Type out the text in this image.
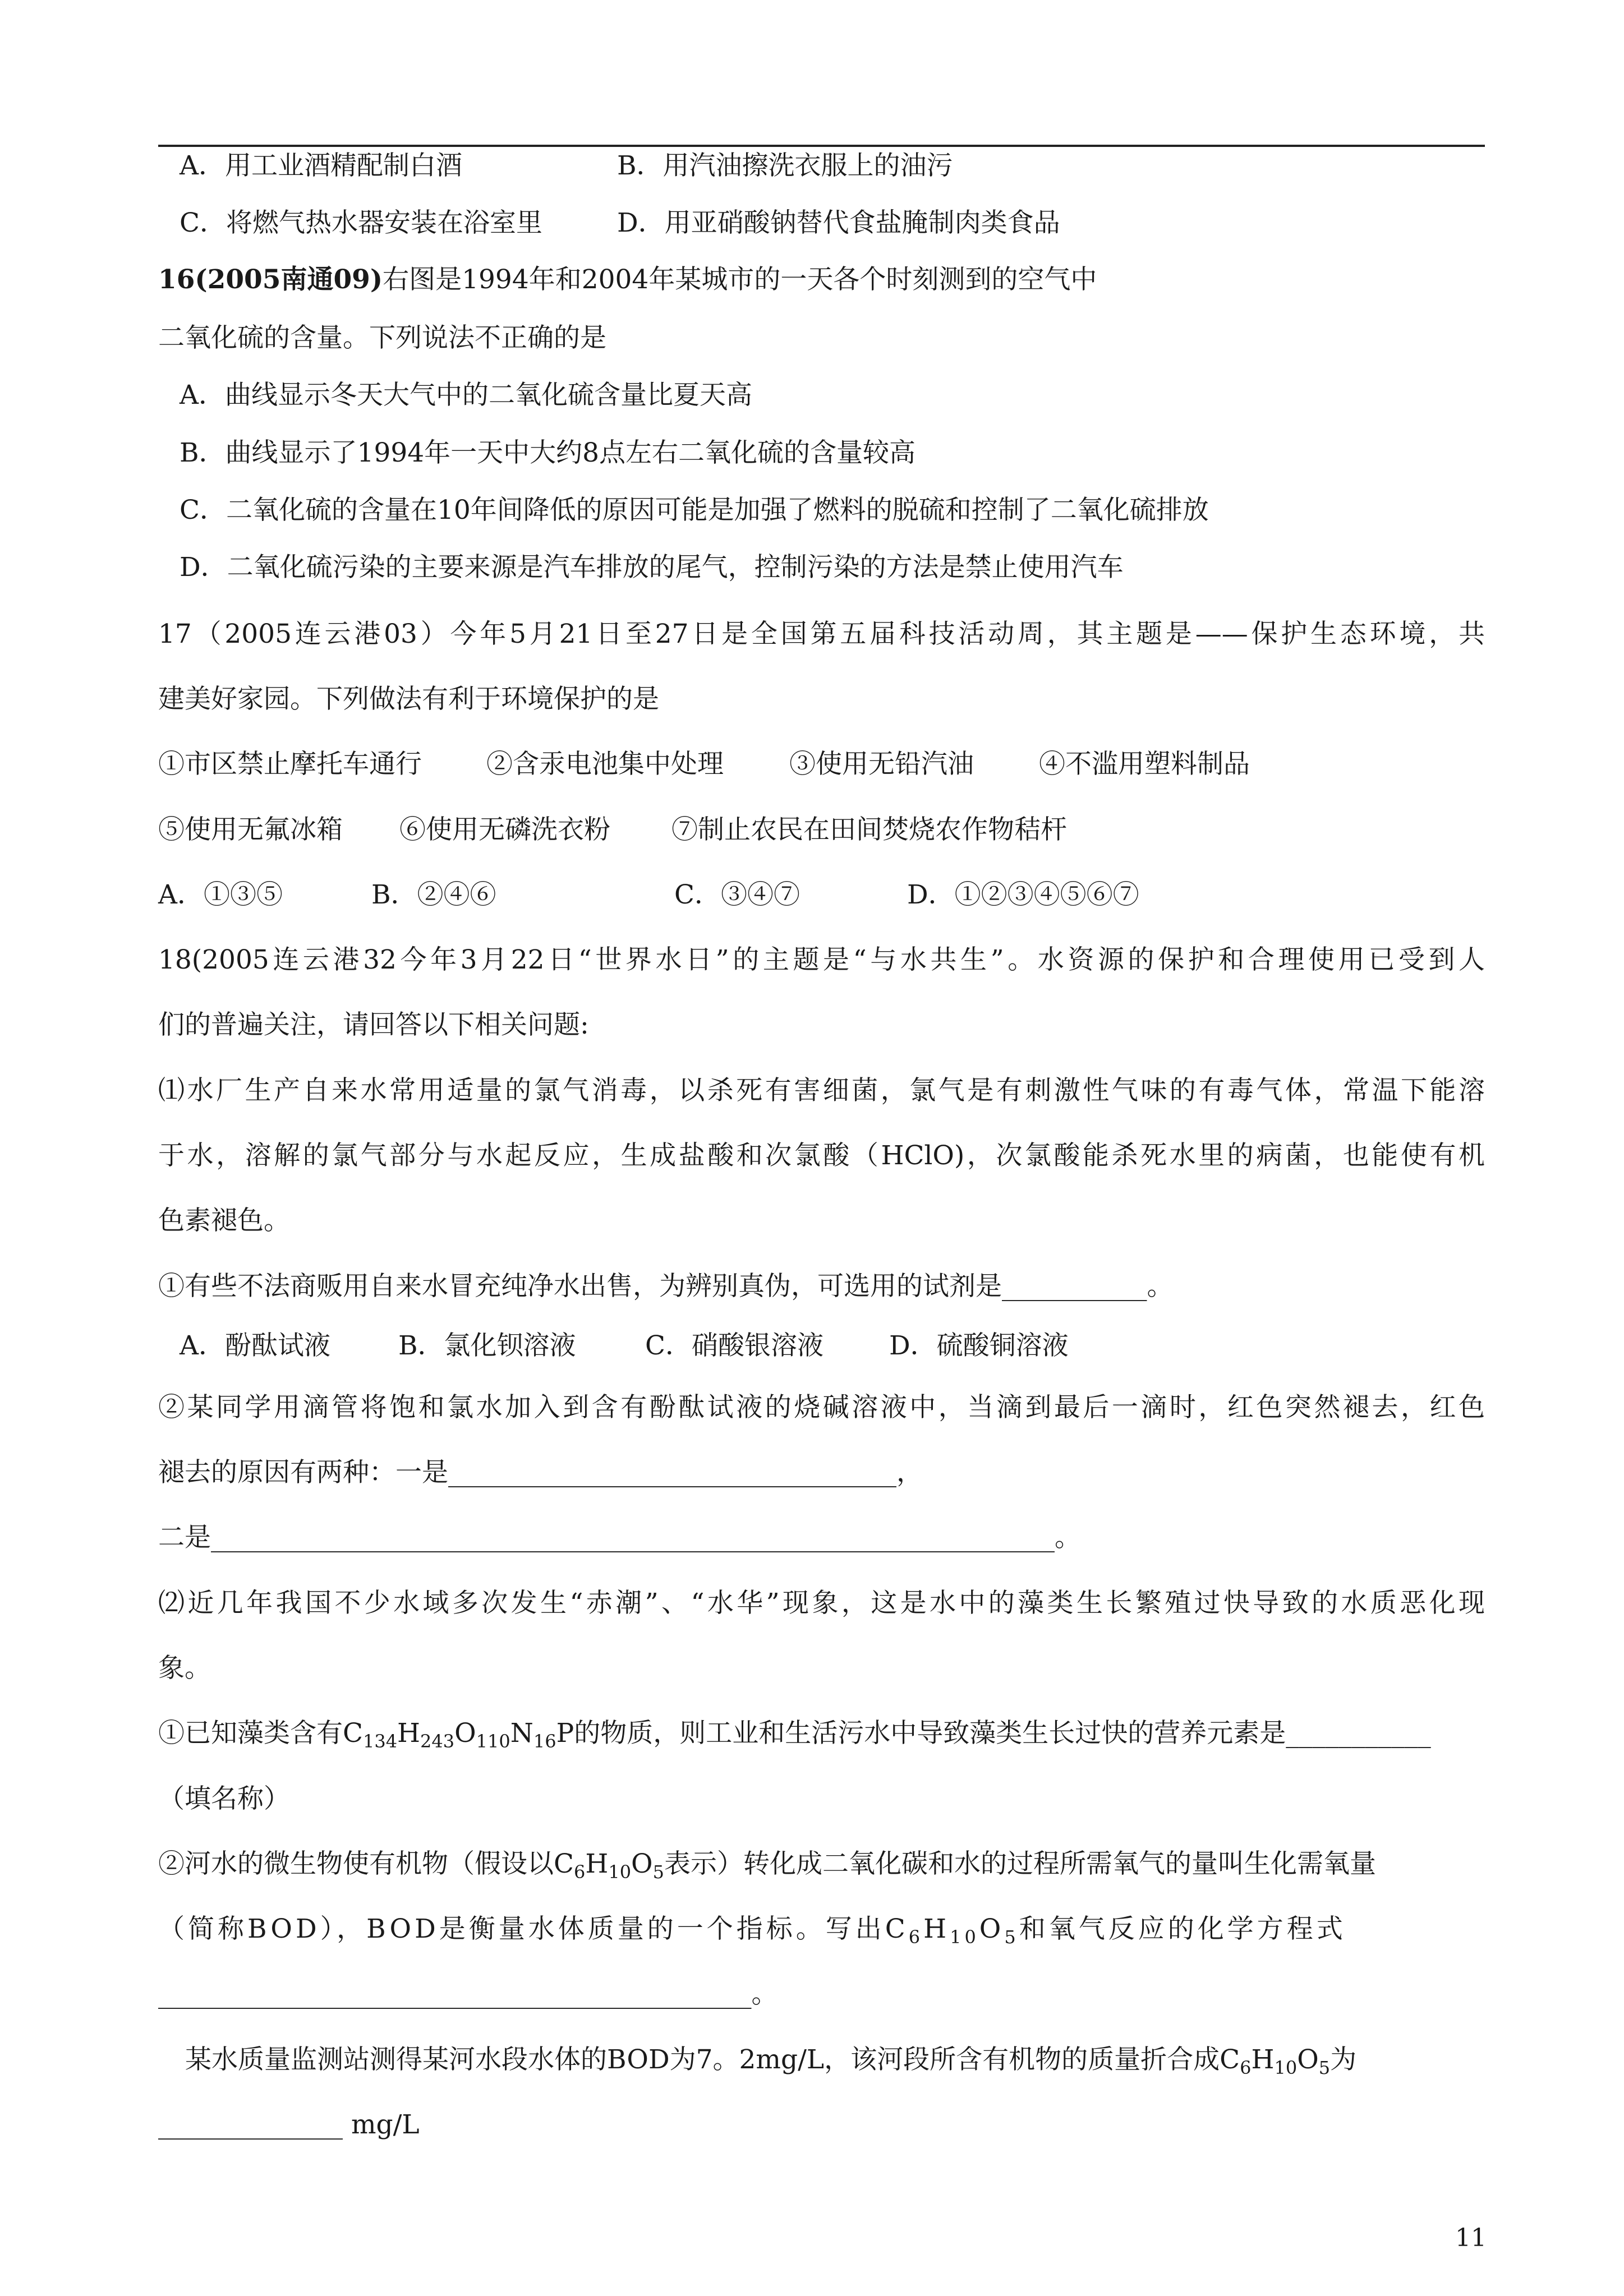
A．用工业酒精配制白酒	B．用汽油擦洗衣服上的油污
C．将燃气热水器安装在浴室里	D．用亚硝酸钠替代食盐腌制肉类食品
16(2005南通09)右图是1994年和2004年某城市的一天各个时刻测到的空气中
二氧化硫的含量。下列说法不正确的是
A．曲线显示冬天大气中的二氧化硫含量比夏天高
B．曲线显示了1994年一天中大约8点左右二氧化硫的含量较高
C．二氧化硫的含量在10年间降低的原因可能是加强了燃料的脱硫和控制了二氧化硫排放
D．二氧化硫污染的主要来源是汽车排放的尾气，控制污染的方法是禁止使用汽车
17（2005连云港03）今年5月21日至27日是全国第五届科技活动周，其主题是——保护生态环境，共
建美好家园。下列做法有利于环境保护的是
①市区禁止摩托车通行 ②含汞电池集中处理 ③使用无铅汽油 ④不滥用塑料制品
⑤使用无氟冰箱 ⑥使用无磷洗衣粉 ⑦制止农民在田间焚烧农作物秸杆
A．①③⑤	B．②④⑥	C．③④⑦	D．①②③④⑤⑥⑦
18(2005连云港32今年3月22日“世界水日”的主题是“与水共生”。水资源的保护和合理使用已受到人
们的普遍关注，请回答以下相关问题:
⑴水厂生产自来水常用适量的氯气消毒，以杀死有害细菌，氯气是有刺激性气味的有毒气体，常温下能溶
于水，溶解的氯气部分与水起反应，生成盐酸和次氯酸（HClO)，次氯酸能杀死水里的病菌，也能使有机
色素褪色。
①有些不法商贩用自来水冒充纯净水出售，为辨别真伪，可选用的试剂是___________。
A．酚酞试液	B．氯化钡溶液	C．硝酸银溶液 D．硫酸铜溶液
②某同学用滴管将饱和氯水加入到含有酚酞试液的烧碱溶液中，当滴到最后一滴时，红色突然褪去，红色
褪去的原因有两种：一是__________________________________，
二是________________________________________________________________。
⑵近几年我国不少水域多次发生“赤潮”、“水华”现象，这是水中的藻类生长繁殖过快导致的水质恶化现
象。
①已知藻类含有$C_{134}H_{243}O_{110}N_{16}P$的物质，则工业和生活污水中导致藻类生长过快的营养元素是___________
（填名称）
②河水的微生物使有机物（假设以$C_6H_{10}O_5$表示）转化成二氧化碳和水的过程所需氧气的量叫生化需氧量
（简称BOD），BOD是衡量水体质量的一个指标。写出$C_6H_{10}O_5$和氧气反应的化学方程式
_____________________________________________。
某水质量监测站测得某河水段水体的BOD为7。2mg/L，该河段所含有机物的质量折合成$C_6H_{10}O_5$为
______________ mg/L
11
